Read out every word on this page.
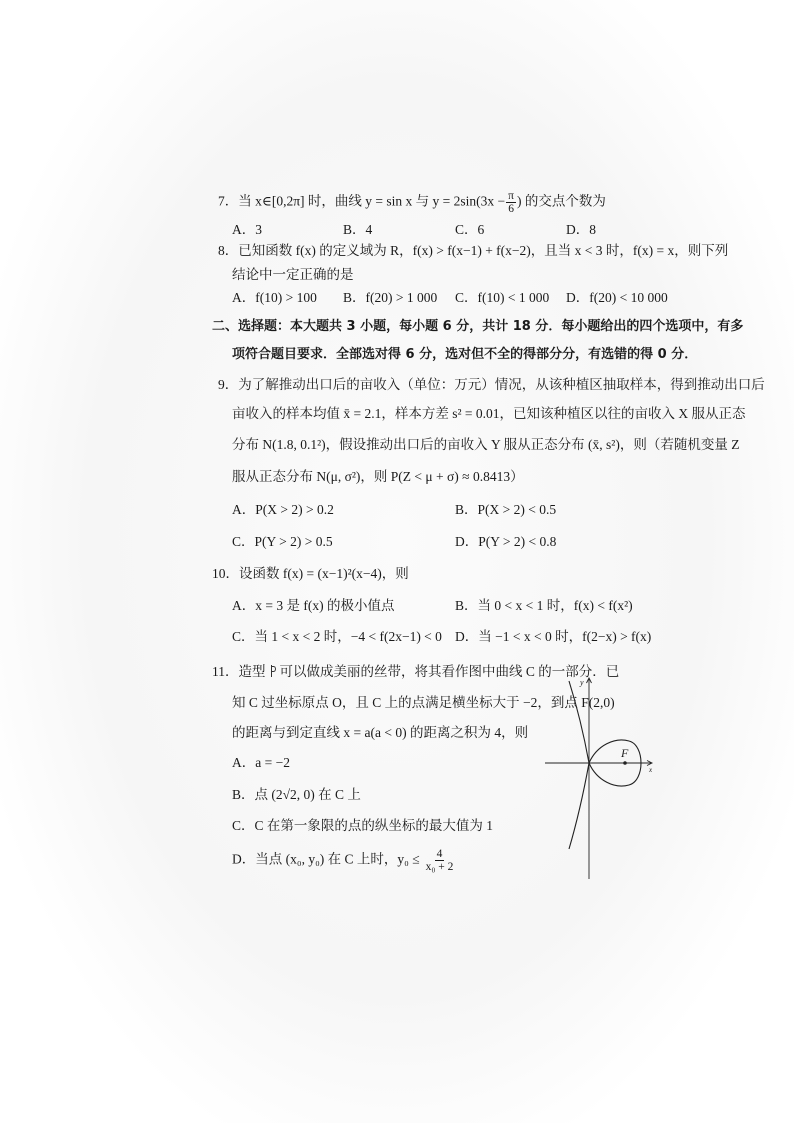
7．当 x∈[0,2π] 时，曲线 y = sin x 与 $y = 2\sin(3x - \frac{\pi}{6}$ ) 的交点个数为
A．3	B．4	C．6	D．8
8．已知函数 f(x) 的定义域为 R，f(x) > f(x−1) + f(x−2)，且当 x < 3 时，f(x) = x，则下列
结论中一定正确的是
A．f(10) > 100 B．f(20) > 1 000 C．f(10) < 1 000 D．f(20) < 10 000
二、选择题：本大题共 3 小题，每小题 6 分，共计 18 分．每小题给出的四个选项中，有多
项符合题目要求．全部选对得 6 分，选对但不全的得部分分，有选错的得 0 分．
9．为了解推动出口后的亩收入（单位：万元）情况，从该种植区抽取样本，得到推动出口后
亩收入的样本均值 x̄ = 2.1，样本方差 s² = 0.01，已知该种植区以往的亩收入 X 服从正态
分布 N(1.8, 0.1²)，假设推动出口后的亩收入 Y 服从正态分布 (x̄, s²)，则（若随机变量 Z
服从正态分布 N(μ, σ²)，则 P(Z < μ + σ) ≈ 0.8413）
A．P(X > 2) > 0.2	B．P(X > 2) < 0.5
C．P(Y > 2) > 0.5	D．P(Y > 2) < 0.8
10．设函数 f(x) = (x−1)²(x−4)，则
A．x = 3 是 f(x) 的极小值点	B．当 0 < x < 1 时，f(x) < f(x²)
C．当 1 < x < 2 时，−4 < f(2x−1) < 0 D．当 −1 < x < 0 时，f(2−x) > f(x)
11．造型 可以做成美丽的丝带，将其看作图中曲线 C 的一部分．已
知 C 过坐标原点 O，且 C 上的点满足横坐标大于 −2，到点 F(2,0)
的距离与到定直线 x = a(a < 0) 的距离之积为 4，则
A．a = −2
B．点 (2√2, 0) 在 C 上
C．C 在第一象限的点的纵坐标的最大值为 1
D．当点 (x₀, y₀) 在 C 上时，$y_0 \le \frac{4}{\text{x₀ + 2}}$
y
x
F
